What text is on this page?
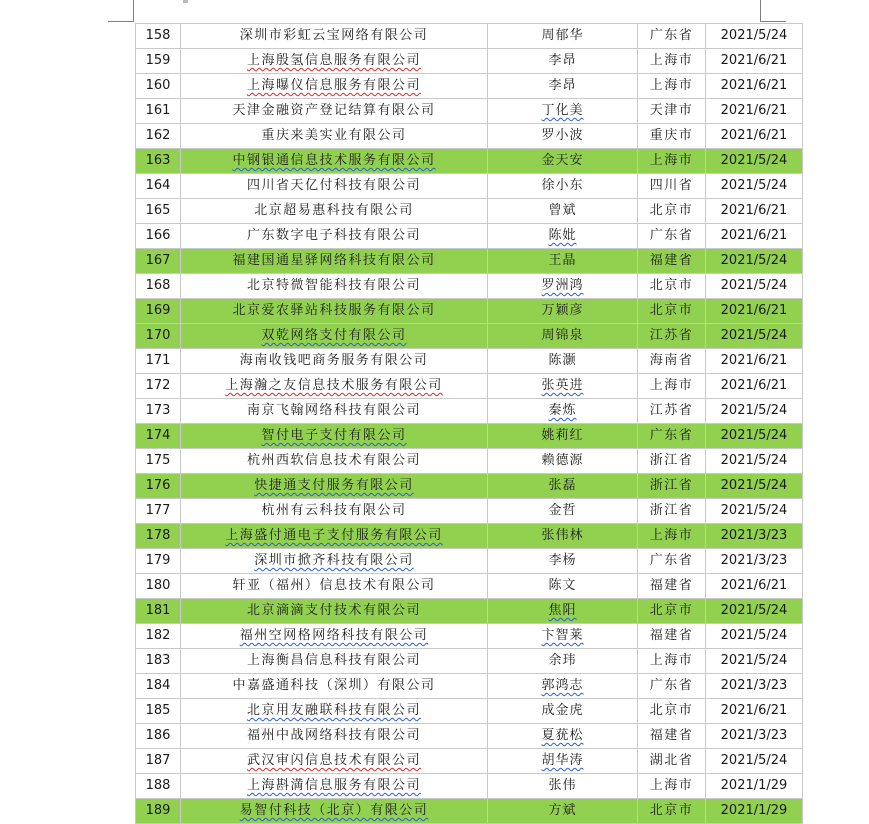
158	深圳市彩虹云宝网络有限公司	周郁华	广东省	2021/5/24
159	上海殷氢信息服务有限公司	李昂	上海市	2021/6/21
160	上海曝仪信息服务有限公司	李昂	上海市	2021/6/21
161	天津金融资产登记结算有限公司	丁化美	天津市	2021/6/21
162	重庆来美实业有限公司	罗小波	重庆市	2021/6/21
163	中钢银通信息技术服务有限公司	金天安	上海市	2021/5/24
164	四川省天亿付科技有限公司	徐小东	四川省	2021/5/24
165	北京超易惠科技有限公司	曾斌	北京市	2021/6/21
166	广东数字电子科技有限公司	陈妣	广东省	2021/6/21
167	福建国通星驿网络科技有限公司	王晶	福建省	2021/5/24
168	北京特微智能科技有限公司	罗洲鸿	北京市	2021/5/24
169	北京爱农驿站科技服务有限公司	万颖彦	北京市	2021/6/21
170	双乾网络支付有限公司	周锦泉	江苏省	2021/5/24
171	海南收钱吧商务服务有限公司	陈灏	海南省	2021/6/21
172	上海瀚之友信息技术服务有限公司	张英进	上海市	2021/6/21
173	南京飞翰网络科技有限公司	秦炼	江苏省	2021/5/24
174	智付电子支付有限公司	姚莉红	广东省	2021/5/24
175	杭州西软信息技术有限公司	赖德源	浙江省	2021/5/24
176	快捷通支付服务有限公司	张磊	浙江省	2021/5/24
177	杭州有云科技有限公司	金哲	浙江省	2021/5/24
178	上海盛付通电子支付服务有限公司	张伟林	上海市	2021/3/23
179	深圳市掀齐科技有限公司	李杨	广东省	2021/3/23
180	轩亚（福州）信息技术有限公司	陈文	福建省	2021/6/21
181	北京滴滴支付技术有限公司	焦阳	北京市	2021/5/24
182	福州空网格网络科技有限公司	卞智莱	福建省	2021/5/24
183	上海衡昌信息科技有限公司	余玮	上海市	2021/5/24
184	中嘉盛通科技（深圳）有限公司	郭鸿志	广东省	2021/3/23
185	北京用友融联科技有限公司	成金虎	北京市	2021/6/21
186	福州中战网络科技有限公司	夏莸松	福建省	2021/3/23
187	武汉审闪信息技术有限公司	胡华涛	湖北省	2021/5/24
188	上海斟満信息服务有限公司	张伟	上海市	2021/1/29
189	易智付科技（北京）有限公司	方斌	北京市	2021/1/29
